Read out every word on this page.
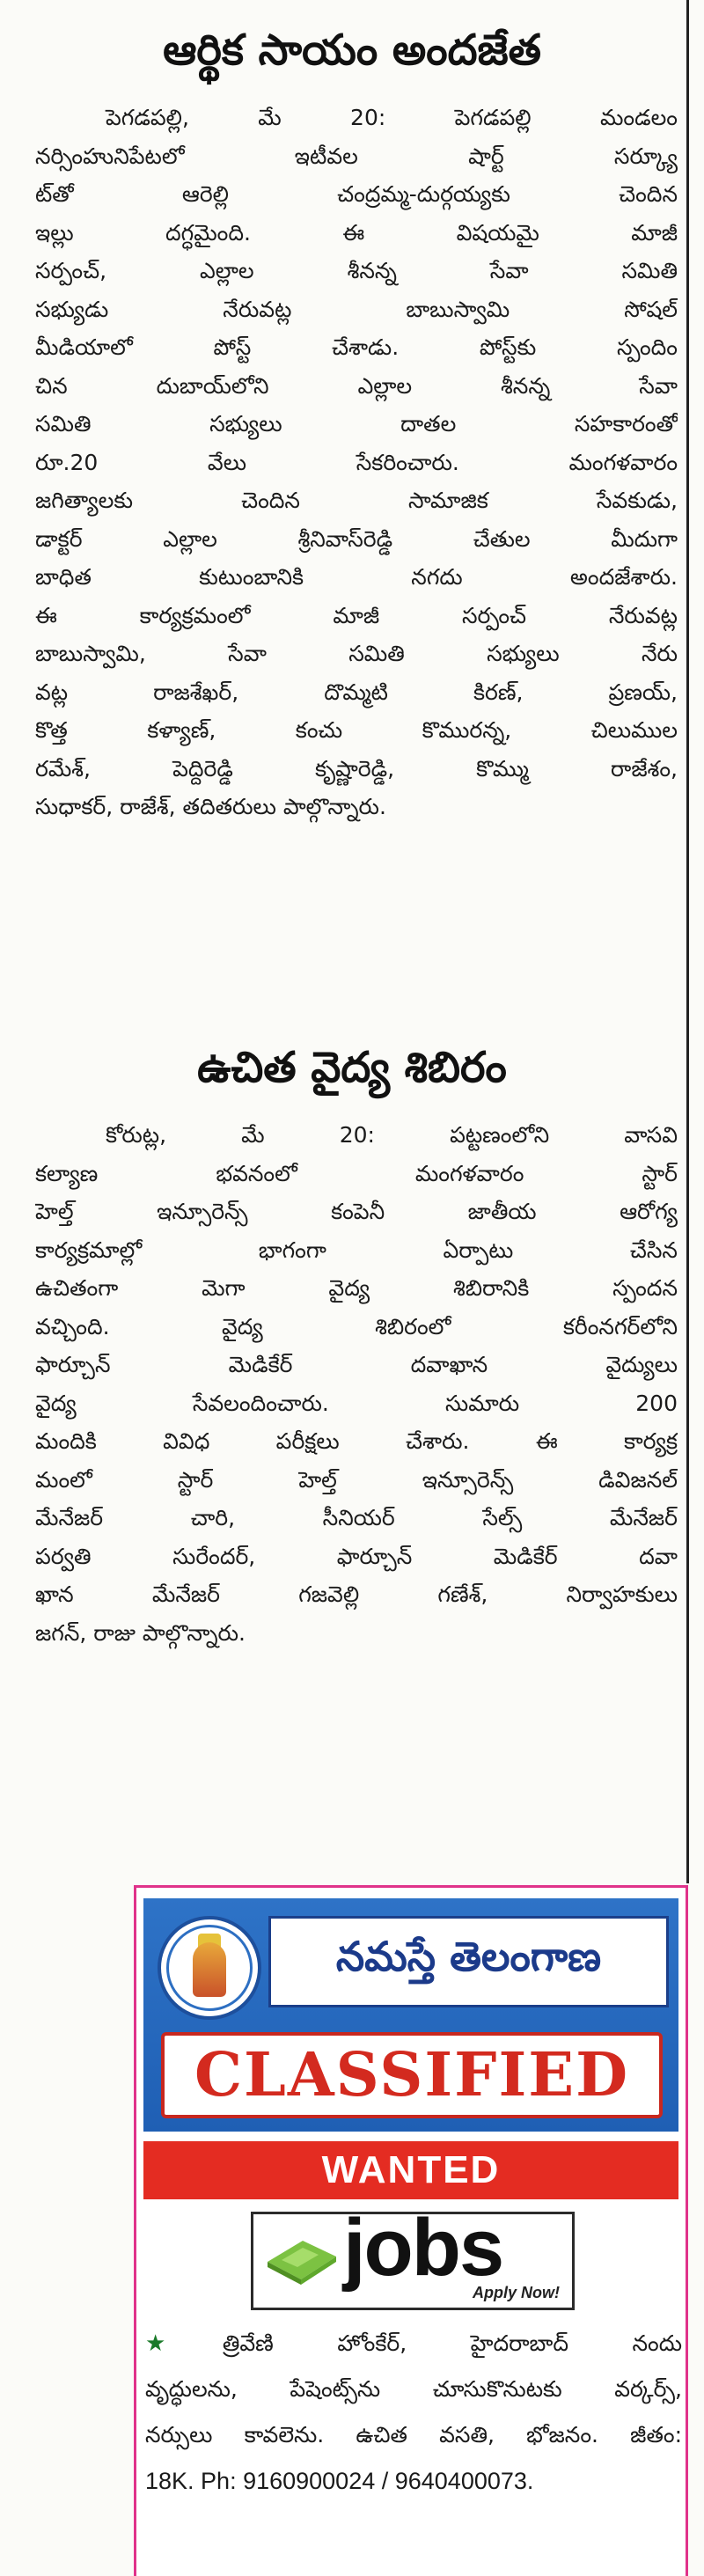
ఆర్థిక సాయం అందజేత
పెగడపల్లి, మే 20: పెగడపల్లి మండలం
నర్సింహునిపేటలో ఇటీవల షార్ట్ సర్క్యూ
ట్‌తో ఆరెల్లి చంద్రమ్మ-దుర్గయ్యకు చెందిన
ఇల్లు దగ్ధమైంది. ఈ విషయమై మాజీ
సర్పంచ్, ఎల్లాల శీనన్న సేవా సమితి
సభ్యుడు నేరువట్ల బాబుస్వామి సోషల్
మీడియాలో పోస్ట్ చేశాడు. పోస్ట్‌కు స్పందిం
చిన దుబాయ్‌లోని ఎల్లాల శీనన్న సేవా
సమితి సభ్యులు దాతల సహకారంతో
రూ.20 వేలు సేకరించారు. మంగళవారం
జగిత్యాలకు చెందిన సామాజిక సేవకుడు,
డాక్టర్ ఎల్లాల శ్రీనివాస్‌రెడ్డి చేతుల మీదుగా
బాధిత కుటుంబానికి నగదు అందజేశారు.
ఈ కార్యక్రమంలో మాజీ సర్పంచ్ నేరువట్ల
బాబుస్వామి, సేవా సమితి సభ్యులు నేరు
వట్ల రాజశేఖర్, దొమ్మటి కిరణ్, ప్రణయ్,
కొత్త కళ్యాణ్, కంచు కొమురన్న, చిలుముల
రమేశ్, పెద్దిరెడ్డి కృష్ణారెడ్డి, కొమ్ము రాజేశం,
సుధాకర్, రాజేశ్, తదితరులు పాల్గొన్నారు.
ఉచిత వైద్య శిబిరం
కోరుట్ల, మే 20: పట్టణంలోని వాసవి
కల్యాణ భవనంలో మంగళవారం స్టార్
హెల్త్ ఇన్సూరెన్స్ కంపెనీ జాతీయ ఆరోగ్య
కార్యక్రమాల్లో భాగంగా ఏర్పాటు చేసిన
ఉచితంగా మెగా వైద్య శిబిరానికి స్పందన
వచ్చింది. వైద్య శిబిరంలో కరీంనగర్‌లోని
ఫార్చూన్ మెడికేర్ దవాఖాన వైద్యులు
వైద్య సేవలందించారు. సుమారు 200
మందికి వివిధ పరీక్షలు చేశారు. ఈ కార్యక్ర
మంలో స్టార్ హెల్త్ ఇన్సూరెన్స్ డివిజనల్
మేనేజర్ చారి, సీనియర్ సేల్స్ మేనేజర్
పర్వతి సురేందర్, ఫార్చూన్ మెడికేర్ దవా
ఖాన మేనేజర్ గజవెల్లి గణేశ్, నిర్వాహకులు
జగన్, రాజు పాల్గొన్నారు.
నమస్తే తెలంగాణ
CLASSIFIED
WANTED
jobs
Apply Now!
★త్రివేణి హోంకేర్, హైదరాబాద్ నందు
వృద్ధులను, పేషెంట్స్‌ను చూసుకొనుటకు వర్కర్స్,
నర్సులు కావలెను. ఉచిత వసతి, భోజనం. జీతం:
18K. Ph: 9160900024 / 9640400073.
